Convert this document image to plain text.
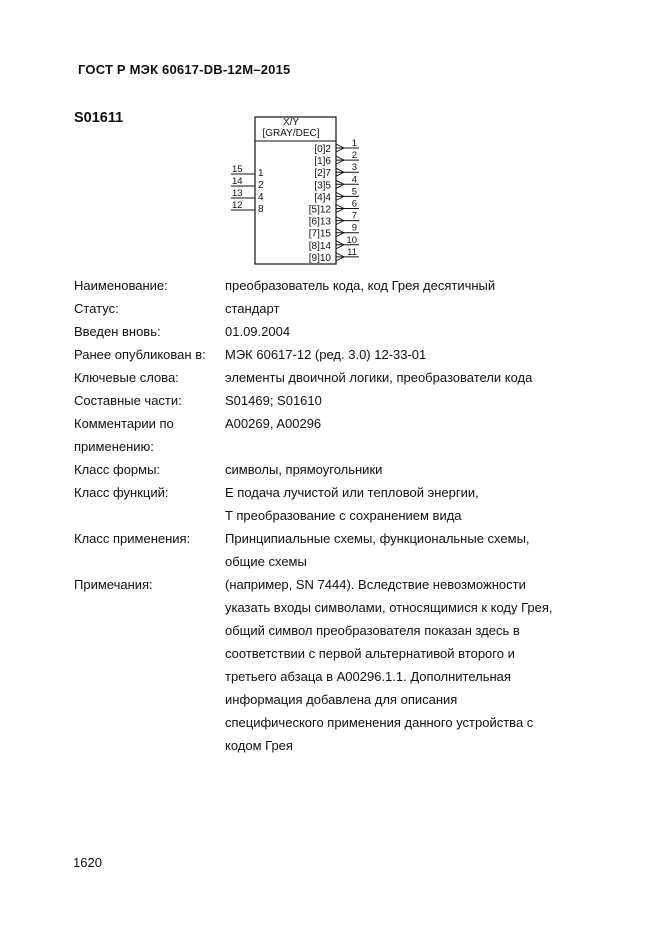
ГОСТ Р МЭК 60617-DB-12M–2015
S01611	X/Y
[GRAY/DEC]
15 1
14 2
13 4
12 8
[0]2
1
[1]6
2
[2]7
3
[3]5
4
[4]4
5
[5]12
6
[6]13
7
[7]15
9
[8]14
10
[9]10
11
Наименование:	преобразователь кода, код Грея десятичный
Статус:	стандарт
Введен вновь:	01.09.2004
Ранее опубликован в:	МЭК 60617-12 (ред. 3.0) 12-33-01
Ключевые слова:	элементы двоичной логики, преобразователи кода
Составные части:	S01469; S01610
Комментарии по
применению:
A00269, A00296
Класс формы:	символы, прямоугольники
Класс функций:	E подача лучистой или тепловой энергии,
T преобразование с сохранением вида
Класс применения:	Принципиальные схемы, функциональные схемы,
общие схемы
Примечания:	(например, SN 7444). Вследствие невозможности
указать входы символами, относящимися к коду Грея,
общий символ преобразователя показан здесь в
соответствии с первой альтернативой второго и
третьего абзаца в A00296.1.1. Дополнительная
информация добавлена для описания
специфического применения данного устройства с
кодом Грея
1620
